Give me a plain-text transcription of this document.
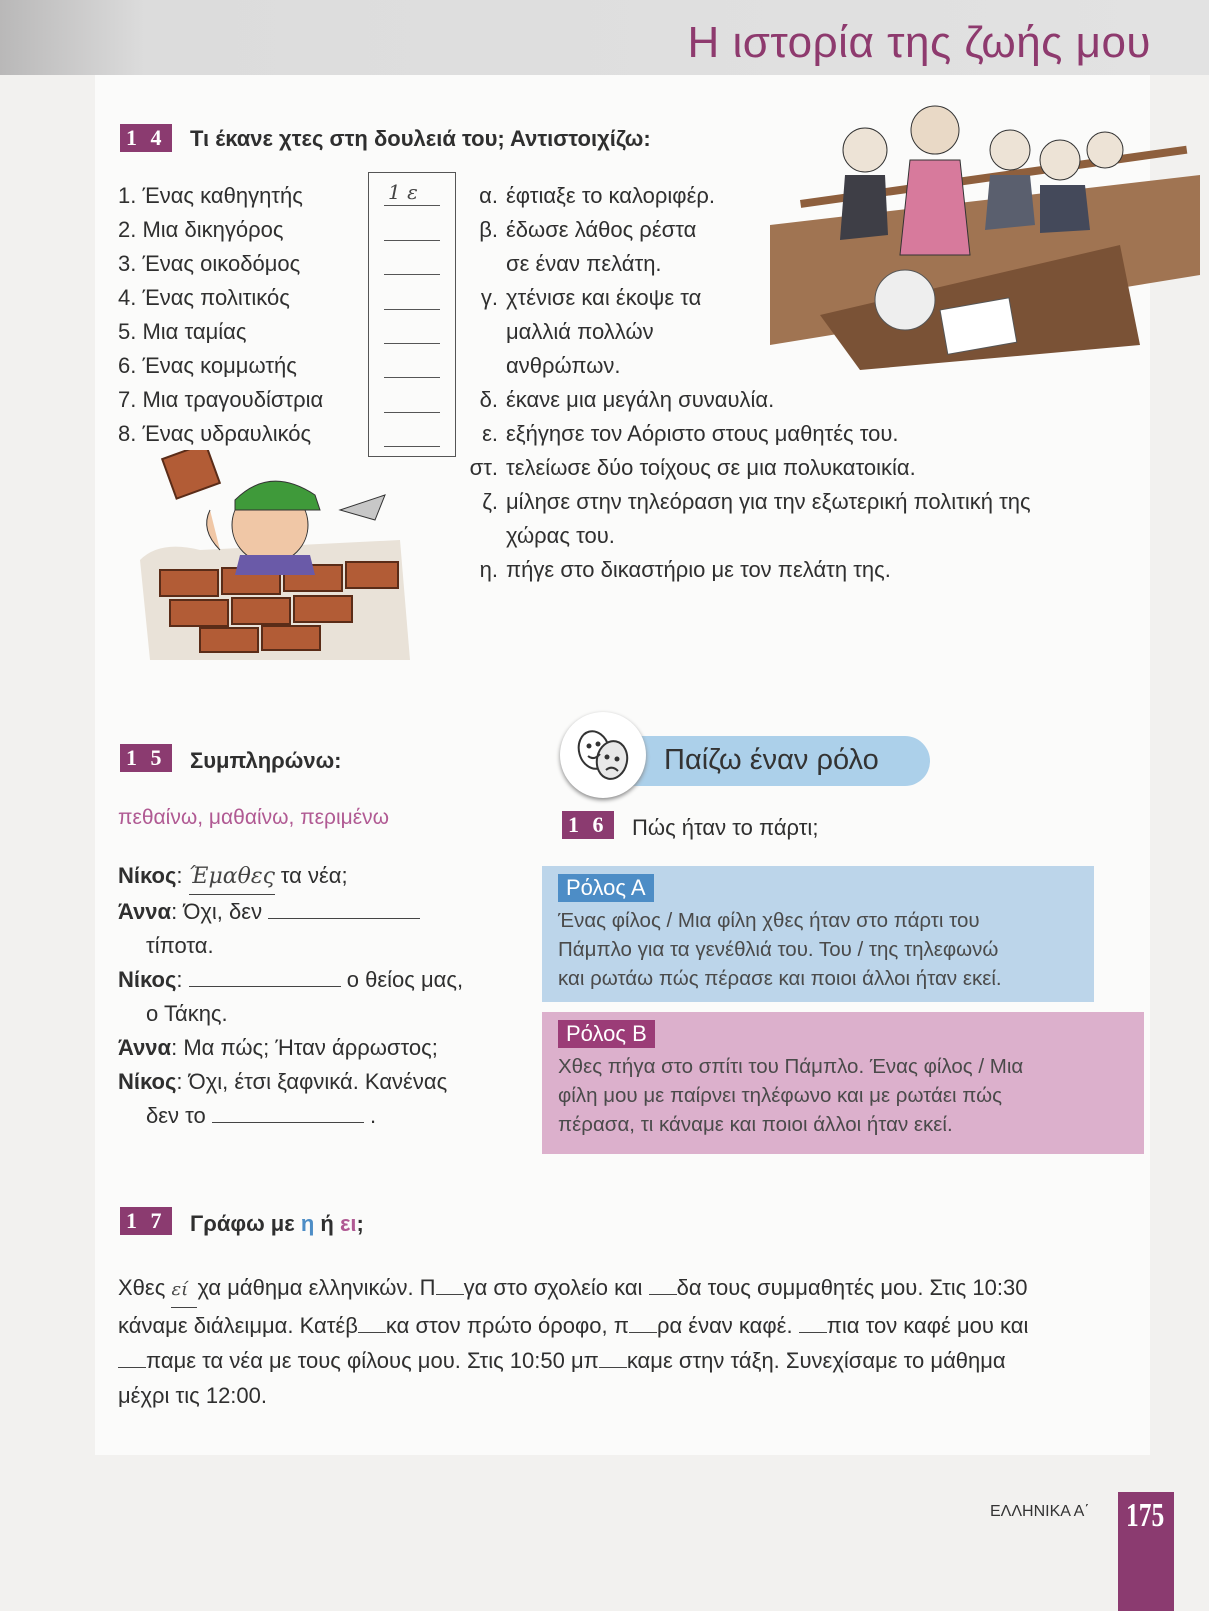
Η ιστορία της ζωής μου
1 4 Τι έκανε χτες στη δουλειά του; Αντιστοιχίζω:
1. Ένας καθηγητής
2. Μια δικηγόρος
3. Ένας οικοδόμος
4. Ένας πολιτικός
5. Μια ταμίας
6. Ένας κομμωτής
7. Μια τραγουδίστρια
8. Ένας υδραυλικός
1 ε	α. έφτιαξε το καλοριφέρ.
β. έδωσε λάθος ρέστα
σε έναν πελάτη.
γ. χτένισε και έκοψε τα
μαλλιά πολλών
ανθρώπων.
δ. έκανε μια μεγάλη συναυλία.
ε. εξήγησε τον Αόριστο στους μαθητές του.
στ. τελείωσε δύο τοίχους σε μια πολυκατοικία.
ζ. μίλησε στην τηλεόραση για την εξωτερική πολιτική της
χώρας του.
η. πήγε στο δικαστήριο με τον πελάτη της.
1 5 Συμπληρώνω:
πεθαίνω, μαθαίνω, περιμένω
Νίκος: Έμαθες τα νέα;
Άννα: Όχι, δεν
τίποτα.
Νίκος:	ο θείος μας,
ο Τάκης.
Άννα: Μα πώς; Ήταν άρρωστος;
Νίκος: Όχι, έτσι ξαφνικά. Κανένας
δεν το	.
Παίζω έναν ρόλο
1 6 Πώς ήταν το πάρτι;
Ρόλος Α
Ένας φίλος / Μια φίλη χθες ήταν στο πάρτι του
Πάμπλο για τα γενέθλιά του. Του / της τηλεφωνώ
και ρωτάω πώς πέρασε και ποιοι άλλοι ήταν εκεί.
Ρόλος Β
Χθες πήγα στο σπίτι του Πάμπλο. Ένας φίλος / Μια
φίλη μου με παίρνει τηλέφωνο και με ρωτάει πώς
πέρασα, τι κάναμε και ποιοι άλλοι ήταν εκεί.
1 7 Γράφω με η ή ει;
Χθες εί χα μάθημα ελληνικών. Π γα στο σχολείο και δα τους συμμαθητές μου. Στις 10:30
κάναμε διάλειμμα. Κατέβ κα στον πρώτο όροφο, π ρα έναν καφέ. πια τον καφέ μου και
παμε τα νέα με τους φίλους μου. Στις 10:50 μπ καμε στην τάξη. Συνεχίσαμε το μάθημα
μέχρι τις 12:00.
ΕΛΛΗΝΙΚΑ Α΄ 175
